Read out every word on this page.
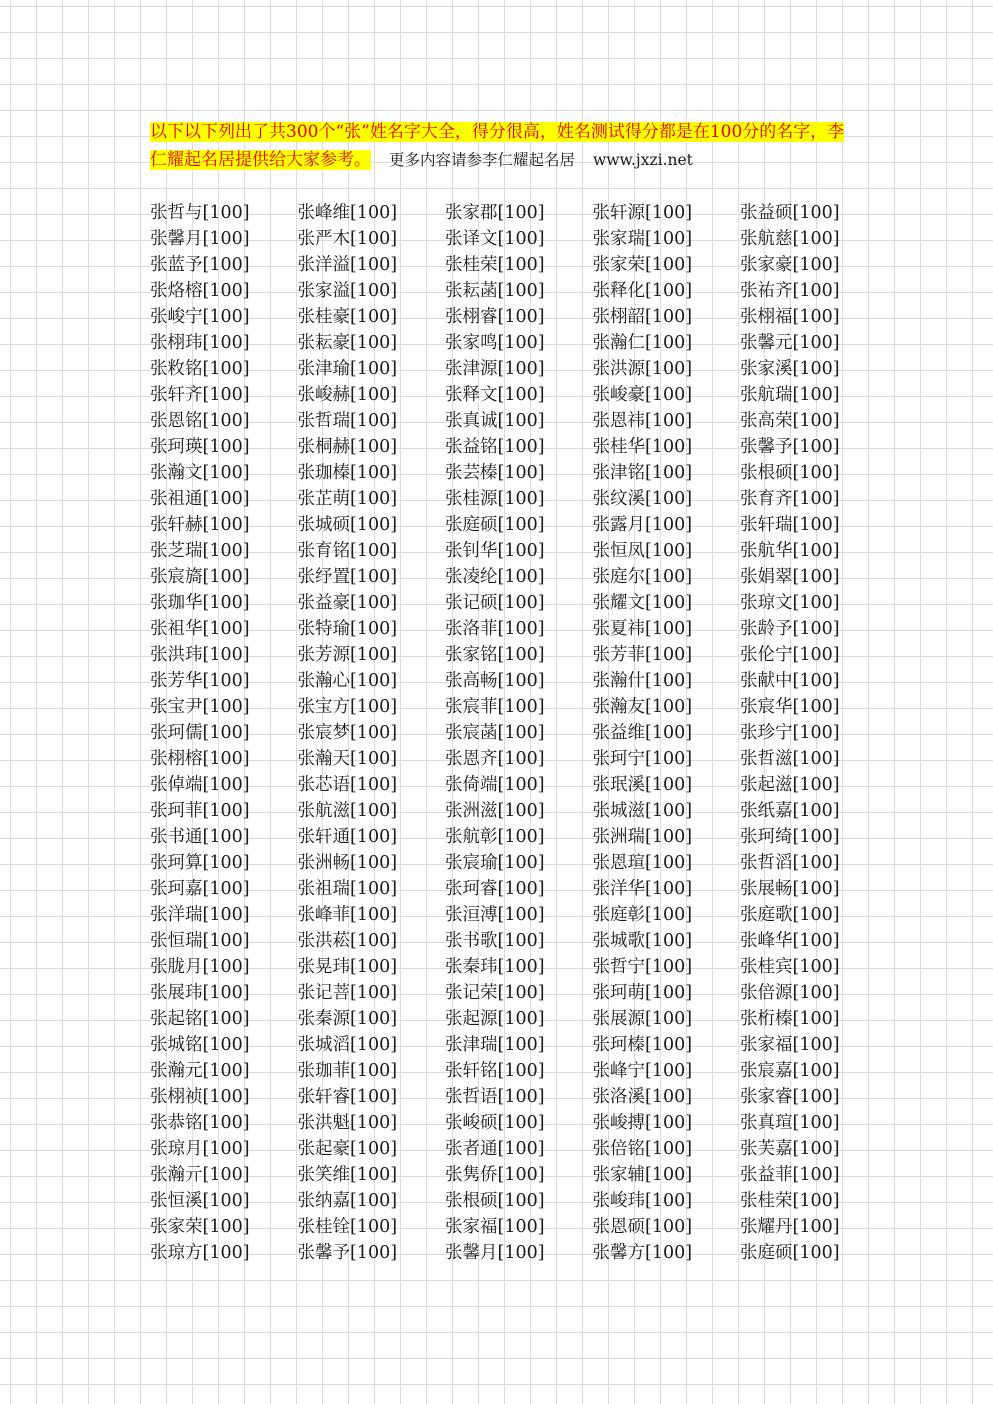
以下以下列出了共300个“张”姓名字大全，得分很高，姓名测试得分都是在100分的名字，李仁耀起名居提供给大家参考。 更多内容请参李仁耀起名居 www.jxzi.net
张哲与[100]	张峰维[100]	张家郡[100]	张轩源[100]	张益硕[100]
张馨月[100]	张严木[100]	张译文[100]	张家瑞[100]	张航慈[100]
张蓝予[100]	张洋溢[100]	张桂荣[100]	张家荣[100]	张家豪[100]
张烙榕[100]	张家溢[100]	张耘菡[100]	张释化[100]	张祐齐[100]
张峻宁[100]	张桂豪[100]	张栩睿[100]	张栩韶[100]	张栩福[100]
张栩玮[100]	张耘豪[100]	张家鸣[100]	张瀚仁[100]	张馨元[100]
张敉铭[100]	张津瑜[100]	张津源[100]	张洪源[100]	张家溪[100]
张轩齐[100]	张峻赫[100]	张释文[100]	张峻豪[100]	张航瑞[100]
张恩铭[100]	张哲瑞[100]	张真诚[100]	张恩祎[100]	张高荣[100]
张珂瑛[100]	张桐赫[100]	张益铭[100]	张桂华[100]	张馨予[100]
张瀚文[100]	张珈榛[100]	张芸榛[100]	张津铭[100]	张根硕[100]
张祖通[100]	张芷萌[100]	张桂源[100]	张纹溪[100]	张育齐[100]
张轩赫[100]	张城硕[100]	张庭硕[100]	张露月[100]	张轩瑞[100]
张芝瑞[100]	张育铭[100]	张钊华[100]	张恒凤[100]	张航华[100]
张宸旖[100]	张纾置[100]	张凌纶[100]	张庭尔[100]	张娟翠[100]
张珈华[100]	张益豪[100]	张记硕[100]	张耀文[100]	张琼文[100]
张祖华[100]	张特瑜[100]	张洛菲[100]	张夏祎[100]	张龄予[100]
张洪玮[100]	张芳源[100]	张家铭[100]	张芳菲[100]	张伦宁[100]
张芳华[100]	张瀚心[100]	张高畅[100]	张瀚什[100]	张献中[100]
张宝尹[100]	张宝方[100]	张宸菲[100]	张瀚友[100]	张宸华[100]
张珂儒[100]	张宸梦[100]	张宸菡[100]	张益维[100]	张珍宁[100]
张栩榕[100]	张瀚天[100]	张恩齐[100]	张珂宁[100]	张哲滋[100]
张倬端[100]	张芯语[100]	张倚端[100]	张珉溪[100]	张起滋[100]
张珂菲[100]	张航滋[100]	张洲滋[100]	张城滋[100]	张纸嘉[100]
张书通[100]	张轩通[100]	张航彰[100]	张洲瑞[100]	张珂绮[100]
张珂算[100]	张洲畅[100]	张宸瑜[100]	张恩瑄[100]	张哲滔[100]
张珂嘉[100]	张祖瑞[100]	张珂睿[100]	张洋华[100]	张展畅[100]
张洋瑞[100]	张峰菲[100]	张洹溥[100]	张庭彰[100]	张庭歌[100]
张恒瑞[100]	张洪菘[100]	张书歌[100]	张城歌[100]	张峰华[100]
张胧月[100]	张晃玮[100]	张秦玮[100]	张哲宁[100]	张桂宾[100]
张展玮[100]	张记菩[100]	张记荣[100]	张珂萌[100]	张倍源[100]
张起铭[100]	张秦源[100]	张起源[100]	张展源[100]	张桁榛[100]
张城铭[100]	张城滔[100]	张津瑞[100]	张珂榛[100]	张家福[100]
张瀚元[100]	张珈菲[100]	张轩铭[100]	张峰宁[100]	张宸嘉[100]
张栩祯[100]	张轩睿[100]	张哲语[100]	张洛溪[100]	张家睿[100]
张恭铭[100]	张洪魁[100]	张峻硕[100]	张峻搏[100]	张真瑄[100]
张琼月[100]	张起豪[100]	张者通[100]	张倍铭[100]	张芙嘉[100]
张瀚亓[100]	张笑维[100]	张隽侨[100]	张家辅[100]	张益菲[100]
张恒溪[100]	张纳嘉[100]	张根硕[100]	张峻玮[100]	张桂荣[100]
张家荣[100]	张桂铨[100]	张家福[100]	张恩硕[100]	张耀丹[100]
张琼方[100]	张馨予[100]	张馨月[100]	张馨方[100]	张庭硕[100]
